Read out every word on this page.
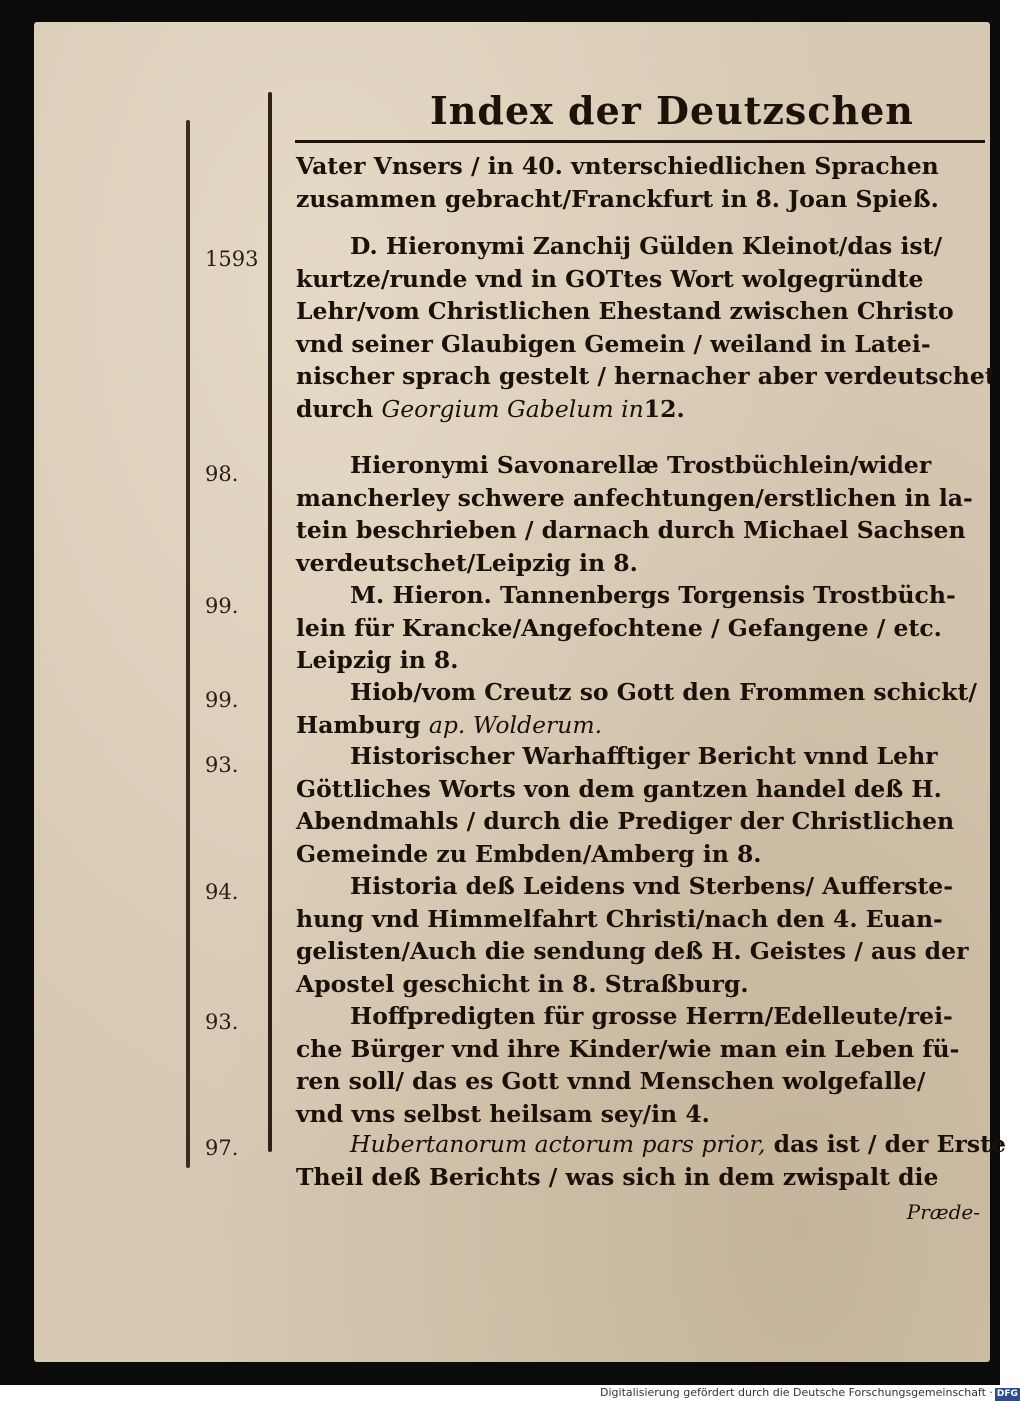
Index der Deutzschen
Vater Vnsers / in 40. vnterschiedlichen Sprachen
zusammen gebracht/Franckfurt in 8. Joan Spieß.
1593	D. Hieronymi Zanchij Gülden Kleinot/das ist/
kurtze/runde vnd in GOTtes Wort wolgegründte
Lehr/vom Christlichen Ehestand zwischen Christo
vnd seiner Glaubigen Gemein / weiland in Latei-
nischer sprach gestelt / hernacher aber verdeutschet
durch Georgium Gabelum in12.
98.	Hieronymi Savonarellæ Trostbüchlein/wider
mancherley schwere anfechtungen/erstlichen in la-
tein beschrieben / darnach durch Michael Sachsen
verdeutschet/Leipzig in 8.
99.	M. Hieron. Tannenbergs Torgensis Trostbüch-
lein für Krancke/Angefochtene / Gefangene / etc.
Leipzig in 8.
99.	Hiob/vom Creutz so Gott den Frommen schickt/
Hamburg ap. Wolderum.
93.	Historischer Warhafftiger Bericht vnnd Lehr
Göttliches Worts von dem gantzen handel deß H.
Abendmahls / durch die Prediger der Christlichen
Gemeinde zu Embden/Amberg in 8.
94.	Historia deß Leidens vnd Sterbens/ Aufferste-
hung vnd Himmelfahrt Christi/nach den 4. Euan-
gelisten/Auch die sendung deß H. Geistes / aus der
Apostel geschicht in 8. Straßburg.
93.	Hoffpredigten für grosse Herrn/Edelleute/rei-
che Bürger vnd ihre Kinder/wie man ein Leben fü-
ren soll/ das es Gott vnnd Menschen wolgefalle/
vnd vns selbst heilsam sey/in 4.
97.	Hubertanorum actorum pars prior, das ist / der Erste
Theil deß Berichts / was sich in dem zwispalt die
Præde-
Digitalisierung gefördert durch die Deutsche Forschungsgemeinschaft · DFG
